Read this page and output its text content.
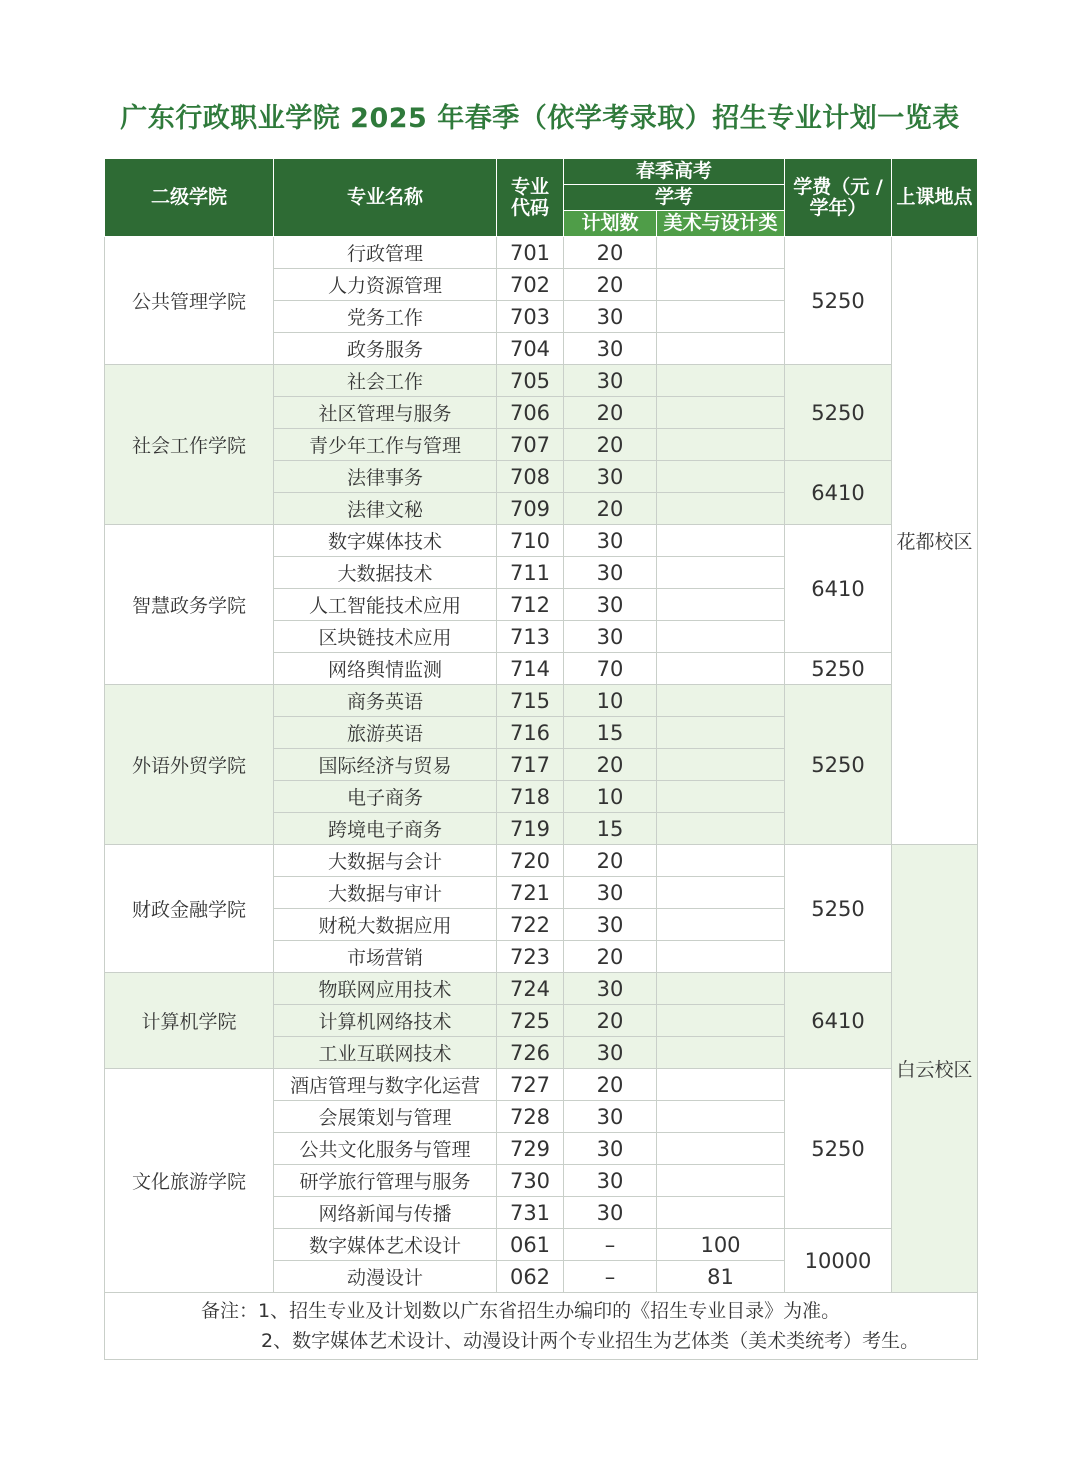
广东行政职业学院 2025 年春季（依学考录取）招生专业计划一览表
二级学院	专业名称	专业代码	春季高考		学费（元 / 学年）	上课地点
			学考			
			计划数	美术与设计类		
公共管理学院	行政管理	701	20		5250	花都校区
	人力资源管理	702	20			
	党务工作	703	30			
	政务服务	704	30			
社会工作学院	社会工作	705	30		5250	
	社区管理与服务	706	20			
	青少年工作与管理	707	20			
	法律事务	708	30		6410	
	法律文秘	709	20			
智慧政务学院	数字媒体技术	710	30		6410	
	大数据技术	711	30			
	人工智能技术应用	712	30			
	区块链技术应用	713	30			
	网络舆情监测	714	70		5250	
外语外贸学院	商务英语	715	10		5250	
	旅游英语	716	15			
	国际经济与贸易	717	20			
	电子商务	718	10			
	跨境电子商务	719	15			
财政金融学院	大数据与会计	720	20		5250	白云校区
	大数据与审计	721	30			
	财税大数据应用	722	30			
	市场营销	723	20			
计算机学院	物联网应用技术	724	30		6410	
	计算机网络技术	725	20			
	工业互联网技术	726	30			
文化旅游学院	酒店管理与数字化运营	727	20		5250	
	会展策划与管理	728	30			
	公共文化服务与管理	729	30			
	研学旅行管理与服务	730	30			
	网络新闻与传播	731	30			
	数字媒体艺术设计	061	–	100	10000	
	动漫设计	062	–	81		

备注：1、招生专业及计划数以广东省招生办编印的《招生专业目录》为准。
2、数字媒体艺术设计、动漫设计两个专业招生为艺体类（美术类统考）考生。						
